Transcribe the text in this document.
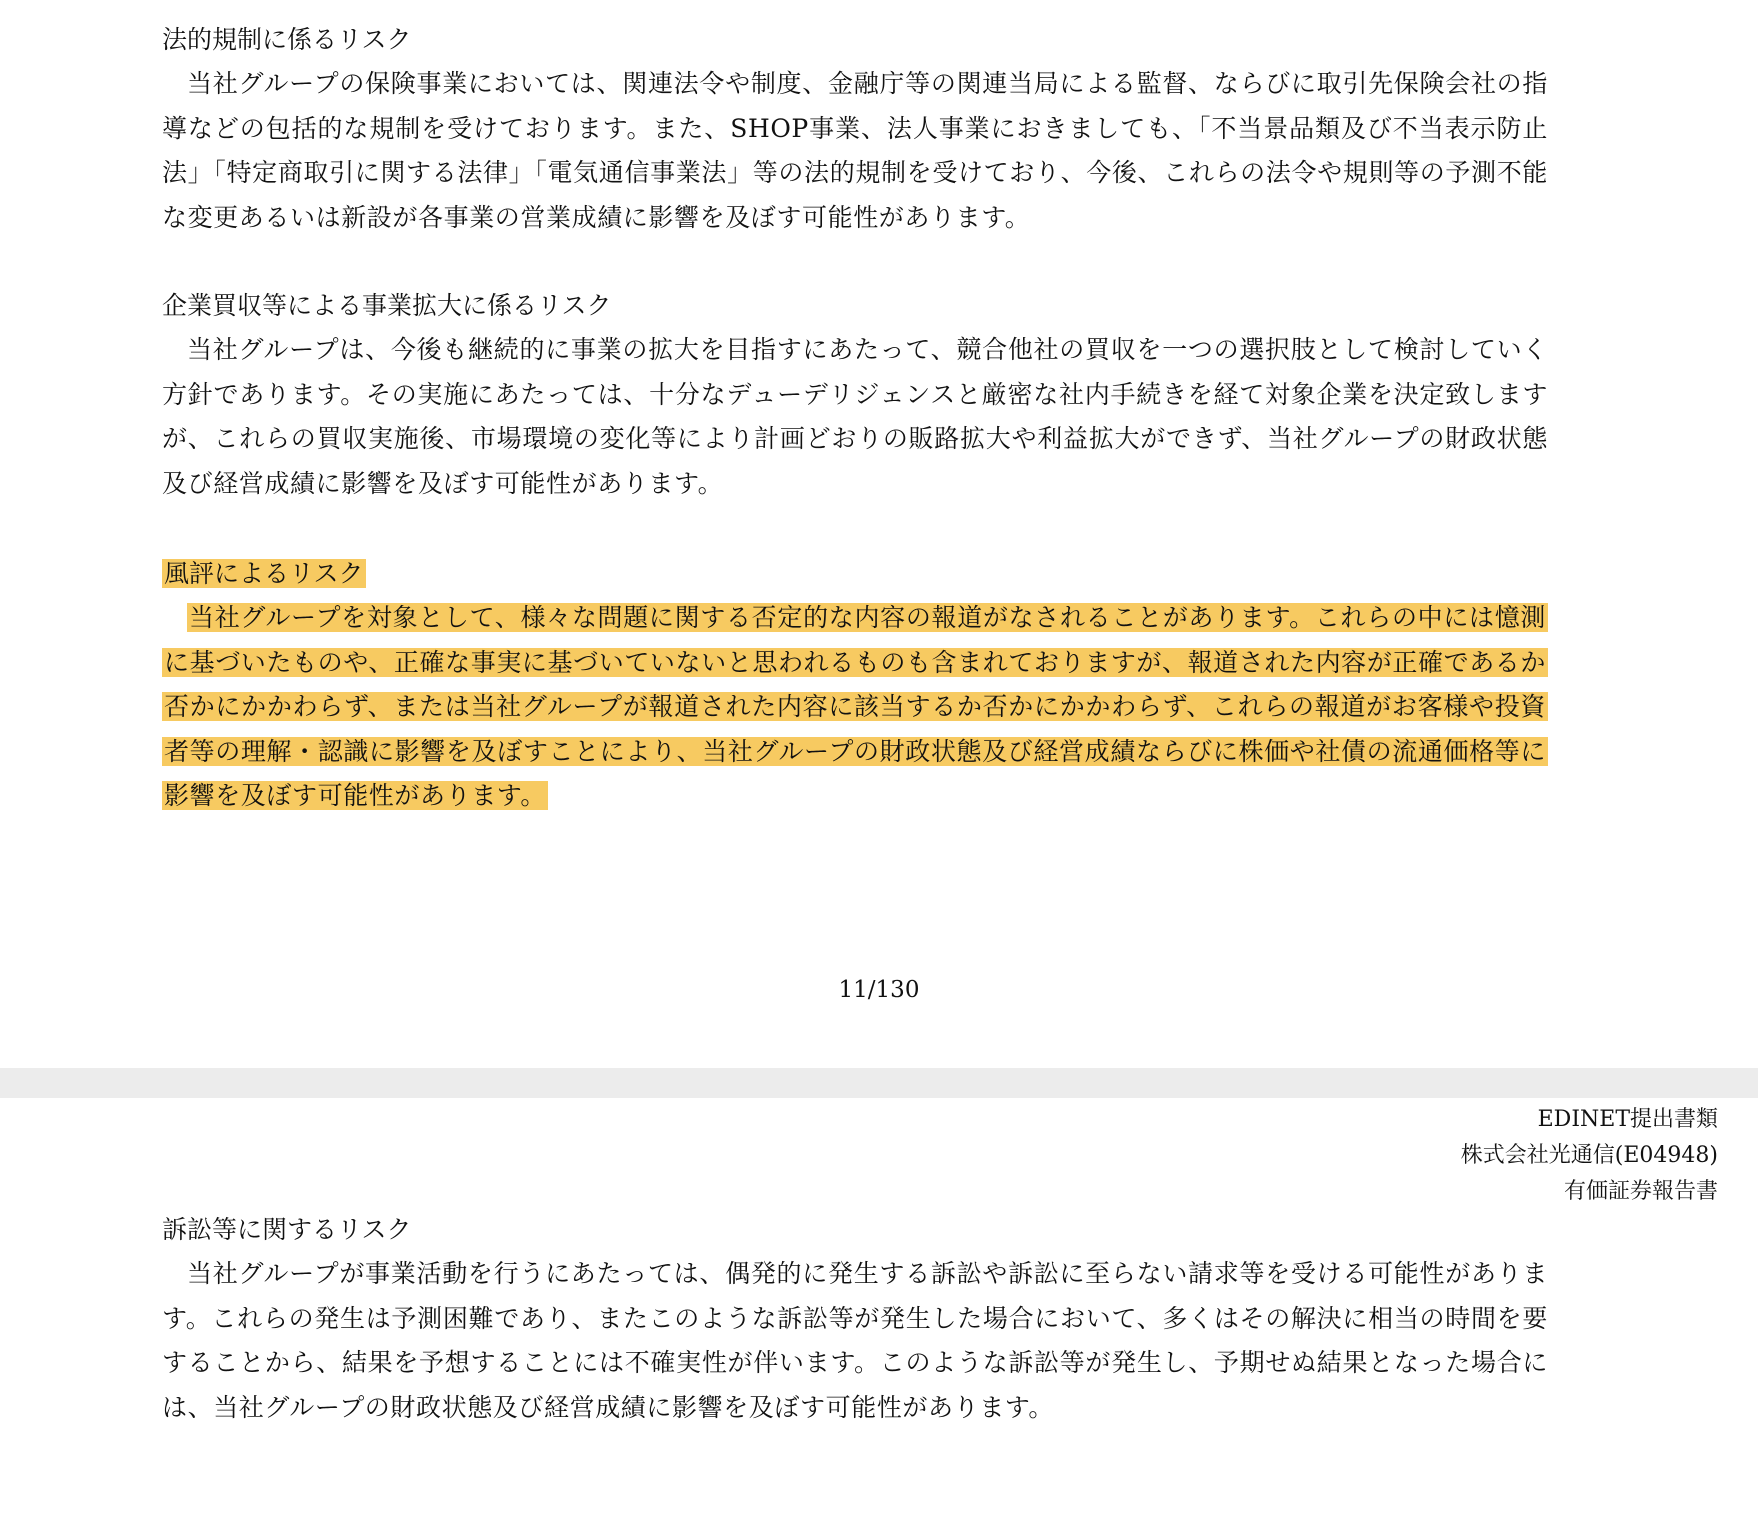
法的規制に係るリスク

当社グループの保険事業においては、関連法令や制度、金融庁等の関連当局による監督、ならびに取引先保険会社の指導などの包括的な規制を受けております。また、SHOP事業、法人事業におきましても、「不当景品類及び不当表示防止法」「特定商取引に関する法律」「電気通信事業法」等の法的規制を受けており、今後、これらの法令や規則等の予測不能な変更あるいは新設が各事業の営業成績に影響を及ぼす可能性があります。

企業買収等による事業拡大に係るリスク

当社グループは、今後も継続的に事業の拡大を目指すにあたって、競合他社の買収を一つの選択肢として検討していく方針であります。その実施にあたっては、十分なデューデリジェンスと厳密な社内手続きを経て対象企業を決定致しますが、これらの買収実施後、市場環境の変化等により計画どおりの販路拡大や利益拡大ができず、当社グループの財政状態及び経営成績に影響を及ぼす可能性があります。

風評によるリスク

当社グループを対象として、様々な問題に関する否定的な内容の報道がなされることがあります。これらの中には憶測に基づいたものや、正確な事実に基づいていないと思われるものも含まれておりますが、報道された内容が正確であるか否かにかかわらず、または当社グループが報道された内容に該当するか否かにかかわらず、これらの報道がお客様や投資者等の理解・認識に影響を及ぼすことにより、当社グループの財政状態及び経営成績ならびに株価や社債の流通価格等に影響を及ぼす可能性があります。

11/130
EDINET提出書類
株式会社光通信(E04948)
有価証券報告書
訴訟等に関するリスク

当社グループが事業活動を行うにあたっては、偶発的に発生する訴訟や訴訟に至らない請求等を受ける可能性があります。これらの発生は予測困難であり、またこのような訴訟等が発生した場合において、多くはその解決に相当の時間を要することから、結果を予想することには不確実性が伴います。このような訴訟等が発生し、予期せぬ結果となった場合には、当社グループの財政状態及び経営成績に影響を及ぼす可能性があります。
